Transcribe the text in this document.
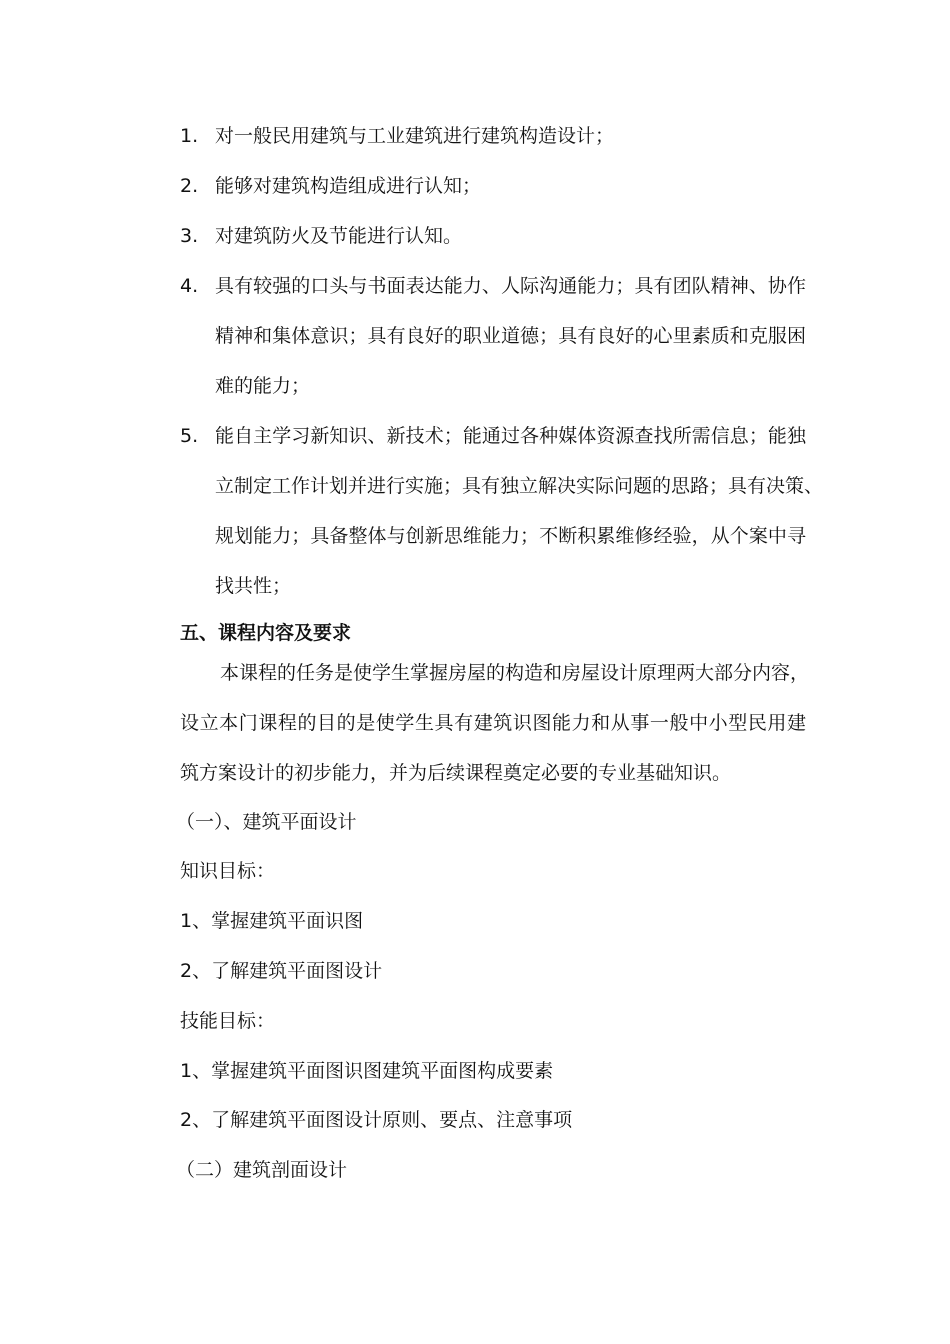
1. 对一般民用建筑与工业建筑进行建筑构造设计；
2. 能够对建筑构造组成进行认知；
3. 对建筑防火及节能进行认知。
4. 具有较强的口头与书面表达能力、人际沟通能力；具有团队精神、协作
精神和集体意识；具有良好的职业道德；具有良好的心里素质和克服困
难的能力；
5. 能自主学习新知识、新技术；能通过各种媒体资源查找所需信息；能独
立制定工作计划并进行实施；具有独立解决实际问题的思路；具有决策、
规划能力；具备整体与创新思维能力；不断积累维修经验，从个案中寻
找共性；
五、课程内容及要求
本课程的任务是使学生掌握房屋的构造和房屋设计原理两大部分内容，
设立本门课程的目的是使学生具有建筑识图能力和从事一般中小型民用建
筑方案设计的初步能力，并为后续课程奠定必要的专业基础知识。
（一）、建筑平面设计
知识目标：
1、掌握建筑平面识图
2、了解建筑平面图设计
技能目标：
1、掌握建筑平面图识图建筑平面图构成要素
2、了解建筑平面图设计原则、要点、注意事项
（二）建筑剖面设计
